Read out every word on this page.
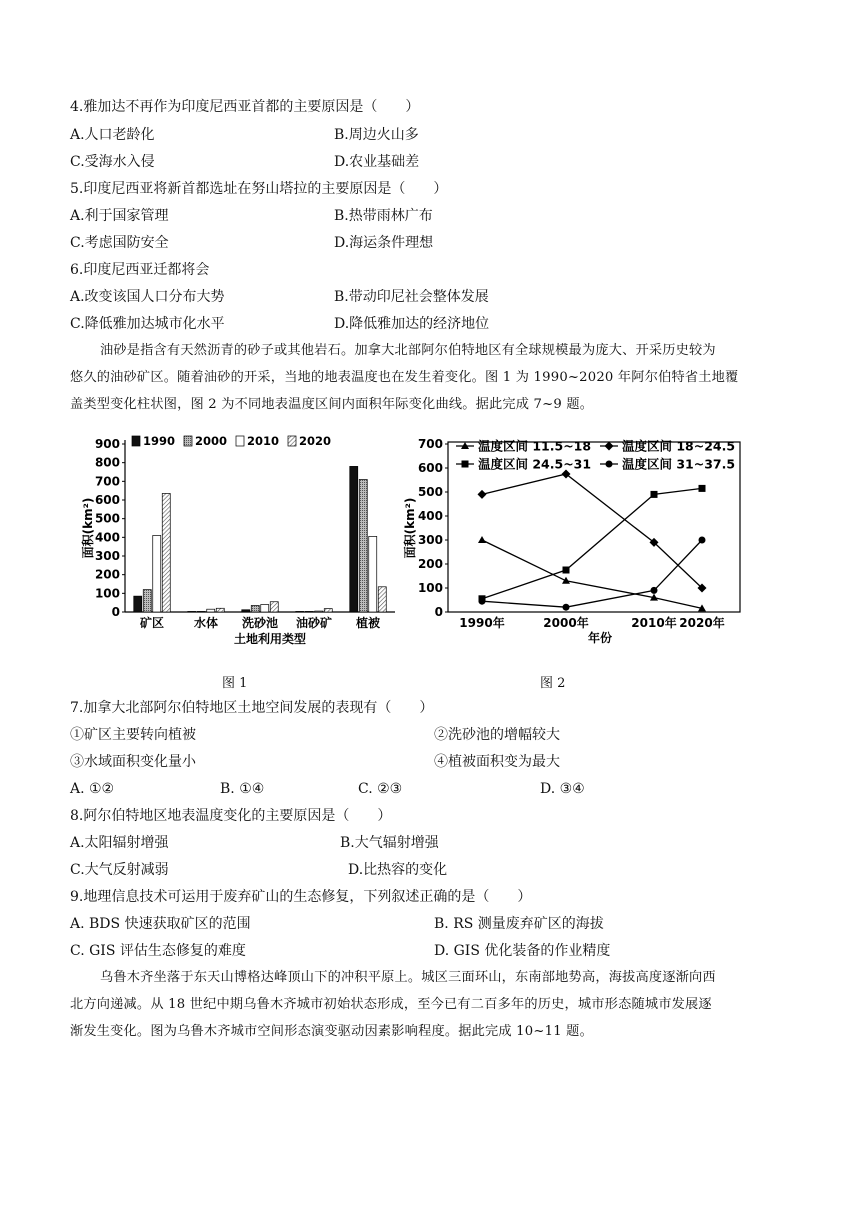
4.雅加达不再作为印度尼西亚首都的主要原因是（　　）
A.人口老龄化	B.周边火山多
C.受海水入侵	D.农业基础差
5.印度尼西亚将新首都选址在努山塔拉的主要原因是（　　）
A.利于国家管理	B.热带雨林广布
C.考虑国防安全	D.海运条件理想
6.印度尼西亚迁都将会
A.改变该国人口分布大势	B.带动印尼社会整体发展
C.降低雅加达城市化水平	D.降低雅加达的经济地位
油砂是指含有天然沥青的砂子或其他岩石。加拿大北部阿尔伯特地区有全球规模最为庞大、开采历史较为
悠久的油砂矿区。随着油砂的开采，当地的地表温度也在发生着变化。图 1 为 1990~2020 年阿尔伯特省土地覆
盖类型变化柱状图，图 2 为不同地表温度区间内面积年际变化曲线。据此完成 7~9 题。
1990 2000 2010 2020
0
100
200
300
400
500
600
700
800
900
面积(km²)
矿区 水体 洗砂池 油砂矿 植被
土地利用类型
图 1
温度区间 11.5~18 温度区间 18~24.5
温度区间 24.5~31 温度区间 31~37.5
0
100
200
300
400
500
600
700
面积(km²)
1990年	2000年	2010年 2020年
年份
图 2
7.加拿大北部阿尔伯特地区土地空间发展的表现有（　　）
①矿区主要转向植被	②洗砂池的增幅较大
③水域面积变化量小	④植被面积变为最大
A. ①②	B. ①④	C. ②③	D. ③④
8.阿尔伯特地区地表温度变化的主要原因是（　　）
A.太阳辐射增强	B.大气辐射增强
C.大气反射减弱	D.比热容的变化
9.地理信息技术可运用于废弃矿山的生态修复，下列叙述正确的是（　　）
A. BDS 快速获取矿区的范围	B. RS 测量废弃矿区的海拔
C. GIS 评估生态修复的难度	D. GIS 优化装备的作业精度
乌鲁木齐坐落于东天山博格达峰顶山下的冲积平原上。城区三面环山，东南部地势高，海拔高度逐渐向西
北方向递减。从 18 世纪中期乌鲁木齐城市初始状态形成，至今已有二百多年的历史，城市形态随城市发展逐
渐发生变化。图为乌鲁木齐城市空间形态演变驱动因素影响程度。据此完成 10~11 题。
